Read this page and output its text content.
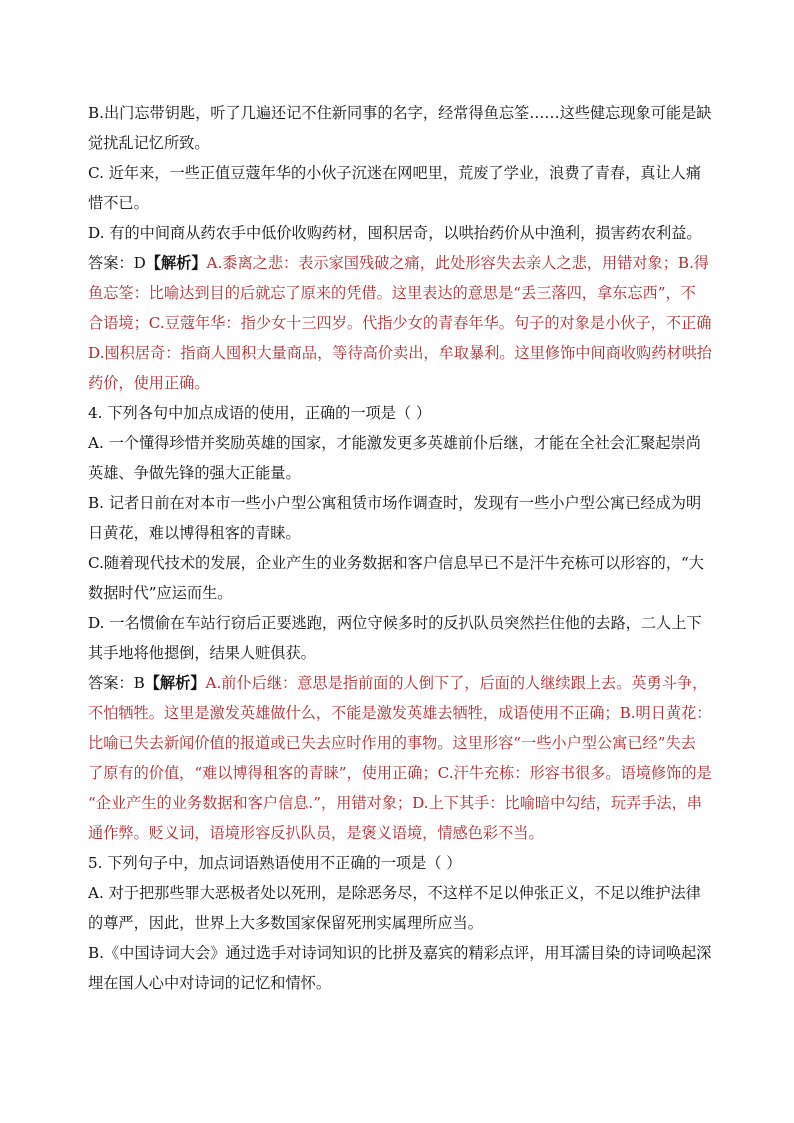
B.出门忘带钥匙，听了几遍还记不住新同事的名字，经常得鱼忘筌……这些健忘现象可能是缺
觉扰乱记忆所致。
C. 近年来，一些正值豆蔻年华的小伙子沉迷在网吧里，荒废了学业，浪费了青春，真让人痛
惜不已。
D. 有的中间商从药农手中低价收购药材，囤积居奇，以哄抬药价从中渔利，损害药农利益。
答案：D【解析】A.黍离之悲：表示家国残破之痛，此处形容失去亲人之悲，用错对象；B.得
鱼忘筌：比喻达到目的后就忘了原来的凭借。这里表达的意思是“丢三落四，拿东忘西”，不
合语境；C.豆蔻年华：指少女十三四岁。代指少女的青春年华。句子的对象是小伙子，不正确
D.囤积居奇：指商人囤积大量商品，等待高价卖出，牟取暴利。这里修饰中间商收购药材哄抬
药价，使用正确。
4. 下列各句中加点成语的使用，正确的一项是（ ）
A. 一个懂得珍惜并奖励英雄的国家，才能激发更多英雄前仆后继，才能在全社会汇聚起崇尚
英雄、争做先锋的强大正能量。
B. 记者日前在对本市一些小户型公寓租赁市场作调查时，发现有一些小户型公寓已经成为明
日黄花，难以博得租客的青睐。
C.随着现代技术的发展，企业产生的业务数据和客户信息早已不是汗牛充栋可以形容的，“大
数据时代”应运而生。
D. 一名惯偷在车站行窃后正要逃跑，两位守候多时的反扒队员突然拦住他的去路，二人上下
其手地将他摁倒，结果人赃俱获。
答案：B【解析】A.前仆后继：意思是指前面的人倒下了，后面的人继续跟上去。英勇斗争，
不怕牺牲。这里是激发英雄做什么，不能是激发英雄去牺牲，成语使用不正确；B.明日黄花：
比喻已失去新闻价值的报道或已失去应时作用的事物。这里形容“一些小户型公寓已经”失去
了原有的价值，“难以博得租客的青睐”，使用正确；C.汗牛充栋：形容书很多。语境修饰的是
“企业产生的业务数据和客户信息.”，用错对象；D.上下其手：比喻暗中勾结，玩弄手法，串
通作弊。贬义词，语境形容反扒队员，是褒义语境，情感色彩不当。
5. 下列句子中，加点词语熟语使用不正确的一项是（ ）
A. 对于把那些罪大恶极者处以死刑，是除恶务尽，不这样不足以伸张正义，不足以维护法律
的尊严，因此，世界上大多数国家保留死刑实属理所应当。
B.《中国诗词大会》通过选手对诗词知识的比拼及嘉宾的精彩点评，用耳濡目染的诗词唤起深
埋在国人心中对诗词的记忆和情怀。
